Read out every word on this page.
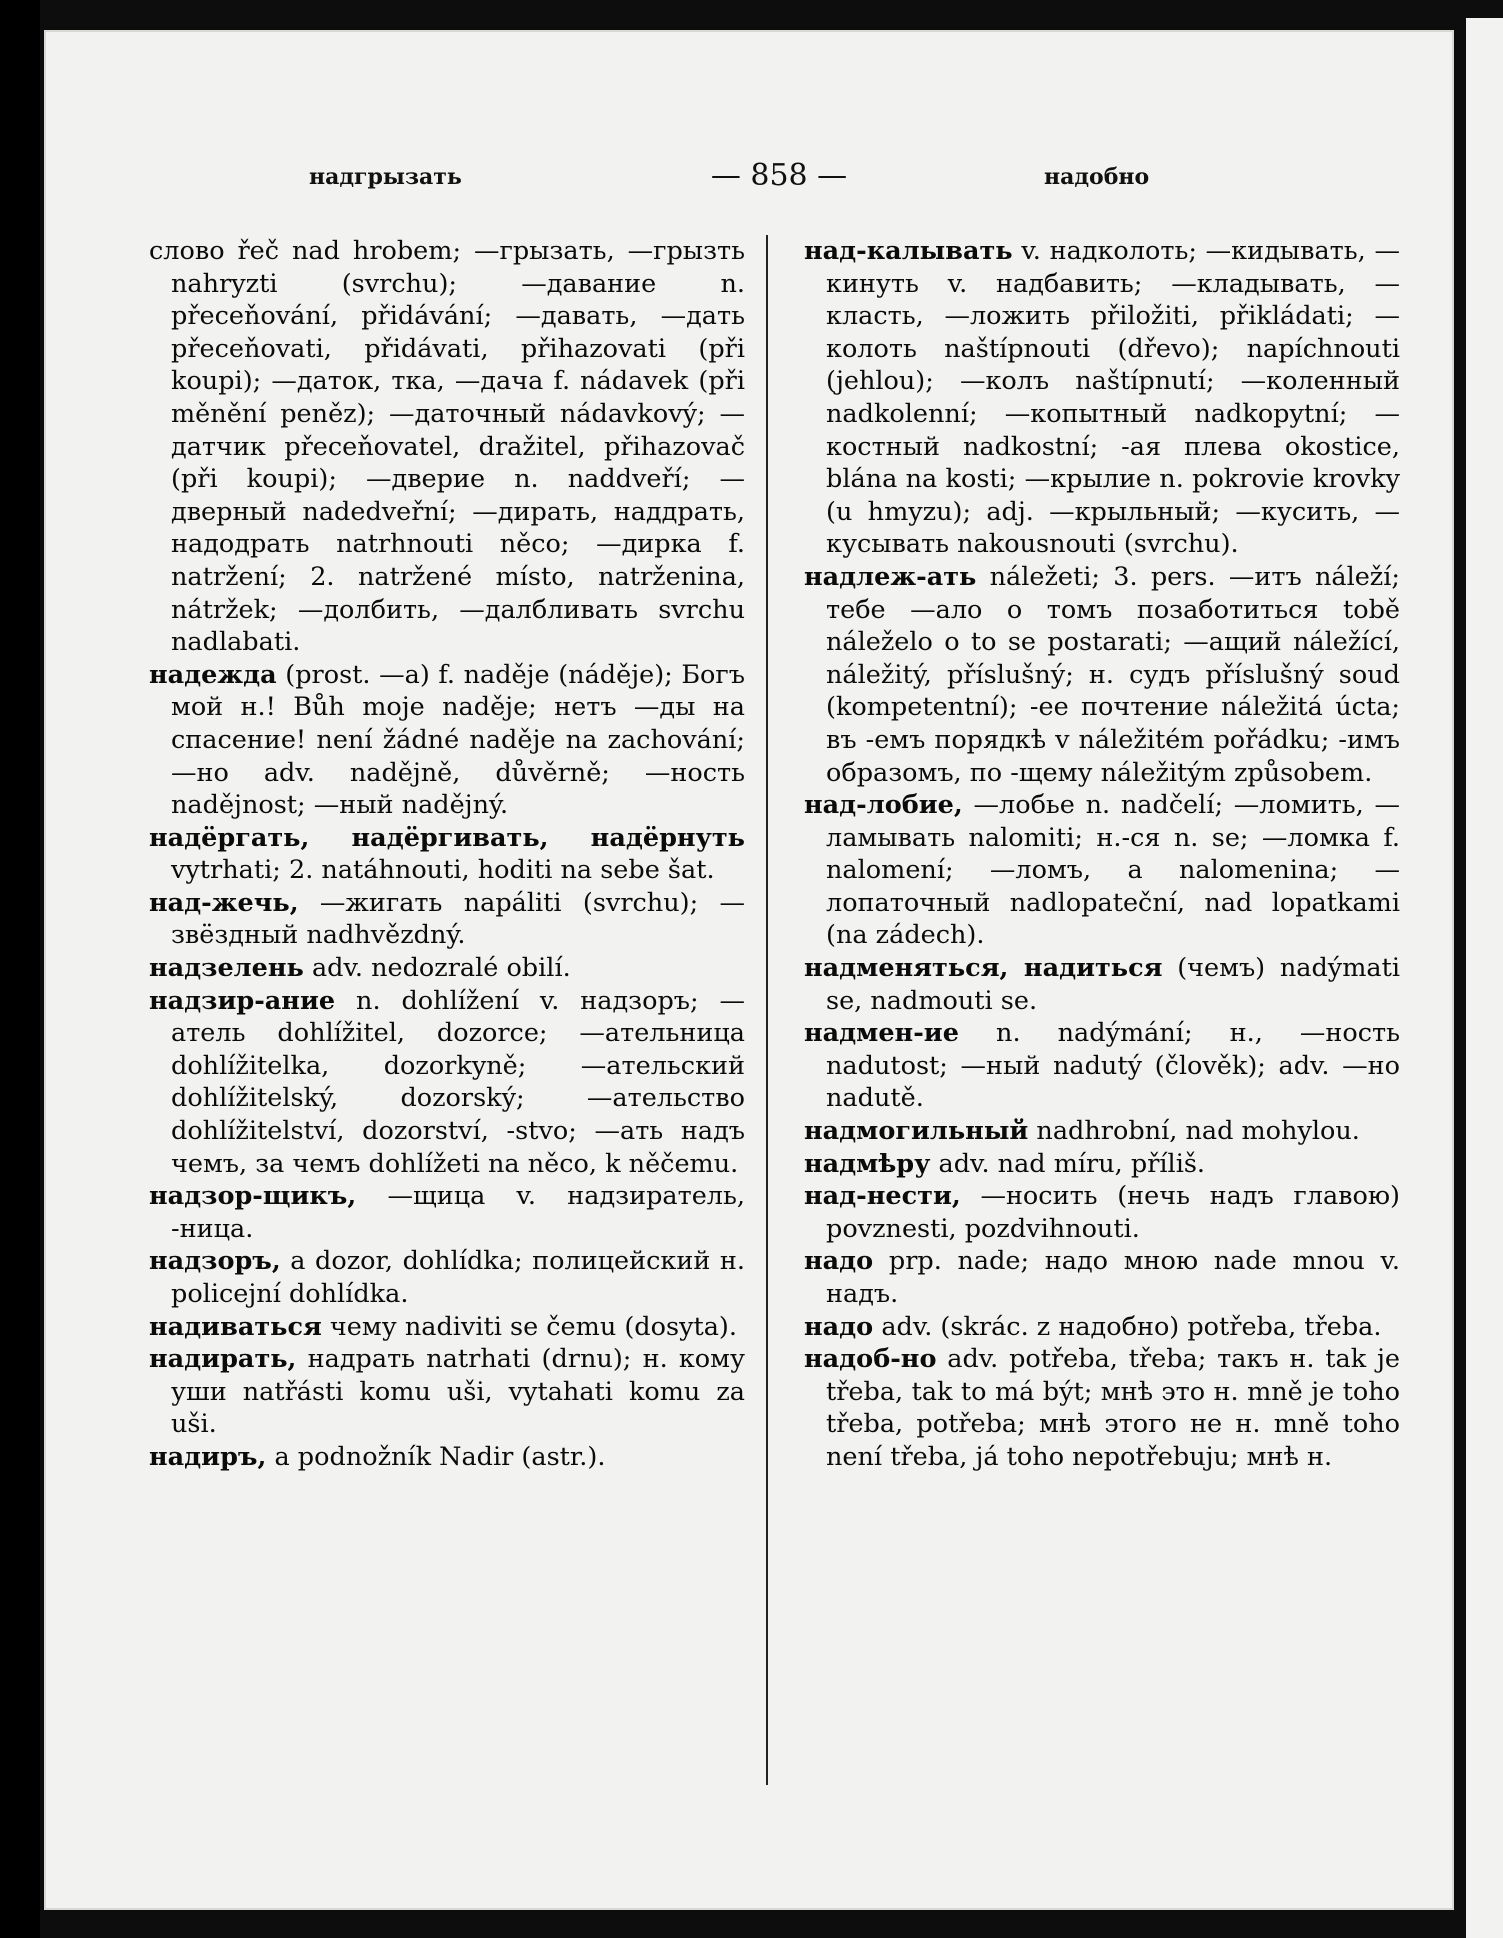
надгрызать	— 858 —	надобно

слово řeč nad hrobem; —грызать, —грызть nahryzti (svrchu); —давание n. přeceňování, přidávání; —давать, —дать přeceňovati, přidávati, přihazovati (při koupi); —даток, тка, —дача f. nádavek (při měnění peněz); —даточный nádavkový; —датчик přeceňovatel, dražitel, přihazovač (při koupi); —дверие n. naddveří; —дверный nadedveřní; —дирать, наддрать, надодрать natrhnouti něco; —дирка f. natržení; 2. natržené místo, natrženina, nátržek; —долбить, —далбливать svrchu nadlabati.

надежда (prost. —а) f. naděje (náděje); Богъ мой н.! Bůh moje naděje; нетъ —ды на спасение! není žádné naděje na zachování; —но adv. nadějně, důvěrně; —ность nadějnost; —ный nadějný.

надёргать, надёргивать, надёрнуть vytrhati; 2. natáhnouti, hoditi na sebe šat.

над-жечь, —жигать napáliti (svrchu); —звёздный nadhvězdný.

надзелень adv. nedozralé obilí.

надзир-ание n. dohlížení v. надзоръ; —атель dohlížitel, dozorce; —ательница dohlížitelka, dozorkyně; —ательский dohlížitelský, dozorský; —ательство dohlížitelství, dozorství, -stvo; —ать надъ чемъ, за чемъ dohlížeti na něco, k něčemu.

надзор-щикъ, —щица v. надзиратель, -ница.

надзоръ, a dozor, dohlídka; полицейский н. policejní dohlídka.

надиваться чему nadiviti se čemu (dosyta).

надирать, надрать natrhati (drnu); н. кому уши natřásti komu uši, vytahati komu za uši.

надиръ, a podnožník Nadir (astr.).

над-калывать v. надколоть; —кидывать, —кинуть v. надбавить; —кладывать, —класть, —ложить přiložiti, přikládati; —колоть naštípnouti (dřevo); napíchnouti (jehlou); —колъ naštípnutí; —коленный nadkolenní; —копытный nadkopytní; —костный nadkostní; -ая плева okostice, blána na kosti; —крылие n. pokrovie krovky (u hmyzu); adj. —крыльный; —кусить, —кусывать nakousnouti (svrchu).

надлеж-ать náležeti; 3. pers. —итъ náleží; тебе —ало о томъ позаботиться tobě náleželo o to se postarati; —ащий náležící, náležitý, příslušný; н. судъ příslušný soud (kompetentní); -ее почтение náležitá úcta; въ -емъ порядкѣ v náležitém pořádku; -имъ образомъ, по -щему náležitým způsobem.

над-лобие, —лобье n. nadčelí; —ломить, —ламывать nalomiti; н.-ся n. se; —ломка f. nalomení; —ломъ, a nalomenina; —лопаточный nadlopateční, nad lopatkami (na zádech).

надменяться, надиться (чемъ) nadýmati se, nadmouti se.

надмен-ие n. nadýmání; н., —ность nadutost; —ный nadutý (člověk); adv. —но nadutě.

надмогильный nadhrobní, nad mohylou.

надмѣру adv. nad míru, příliš.

над-нести, —носить (нечь надъ главою) povznesti, pozdvihnouti.

надо prp. nade; надо мною nade mnou v. надъ.

надо adv. (skrác. z надобно) potřeba, třeba.

надоб-но adv. potřeba, třeba; такъ н. tak je třeba, tak to má být; мнѣ это н. mně je toho třeba, potřeba; мнѣ этого не н. mně toho není třeba, já toho nepotřebuju; мнѣ н.
